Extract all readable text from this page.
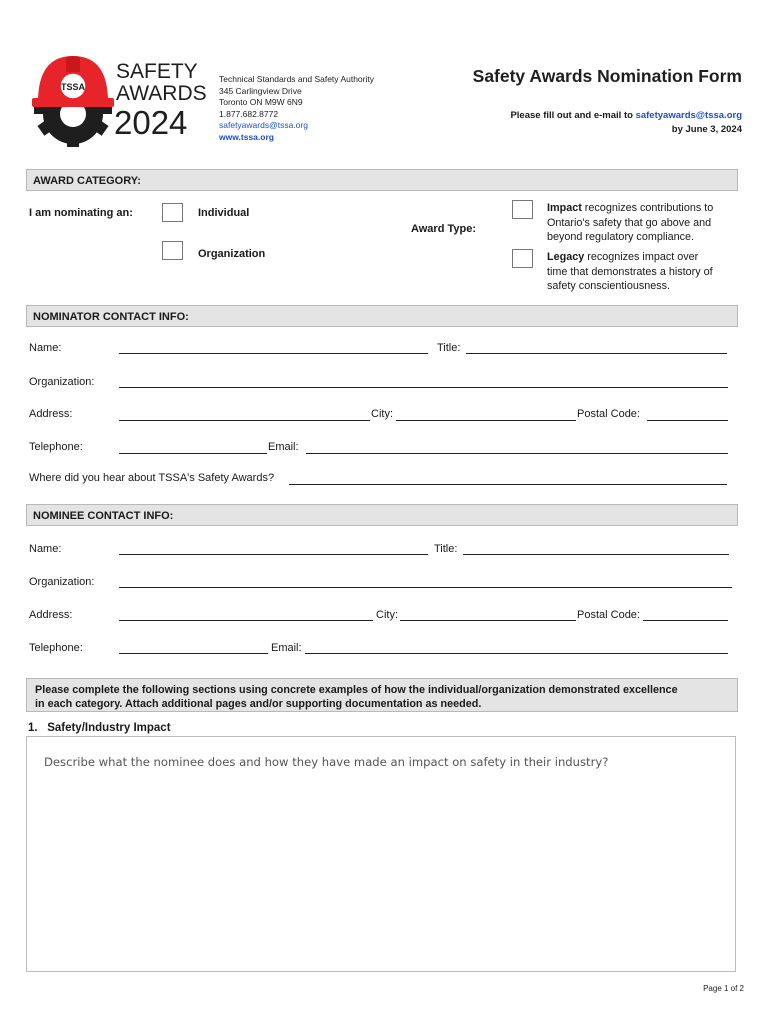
TSSA
SAFETY
AWARDS
2024
Technical Standards and Safety Authority
345 Carlingview Drive
Toronto ON M9W 6N9
1.877.682.8772
safetyawards@tssa.org
www.tssa.org
Safety Awards Nomination Form
Please fill out and e-mail to safetyawards@tssa.org
by June 3, 2024
AWARD CATEGORY:
I am nominating an:	Individual
Organization
Award Type:
Impact recognizes contributions to
Ontario's safety that go above and
beyond regulatory compliance.
Legacy recognizes impact over
time that demonstrates a history of
safety conscientiousness.
NOMINATOR CONTACT INFO:
Name:	Title:
Organization:
Address:	City:	Postal Code:
Telephone:	Email:
Where did you hear about TSSA's Safety Awards?
NOMINEE CONTACT INFO:
Name:	Title:
Organization:
Address:	City:	Postal Code:
Telephone:	Email:
Please complete the following sections using concrete examples of how the individual/organization demonstrated excellence
in each category. Attach additional pages and/or supporting documentation as needed.
1. Safety/Industry Impact
Describe what the nominee does and how they have made an impact on safety in their industry?
Page 1 of 2
